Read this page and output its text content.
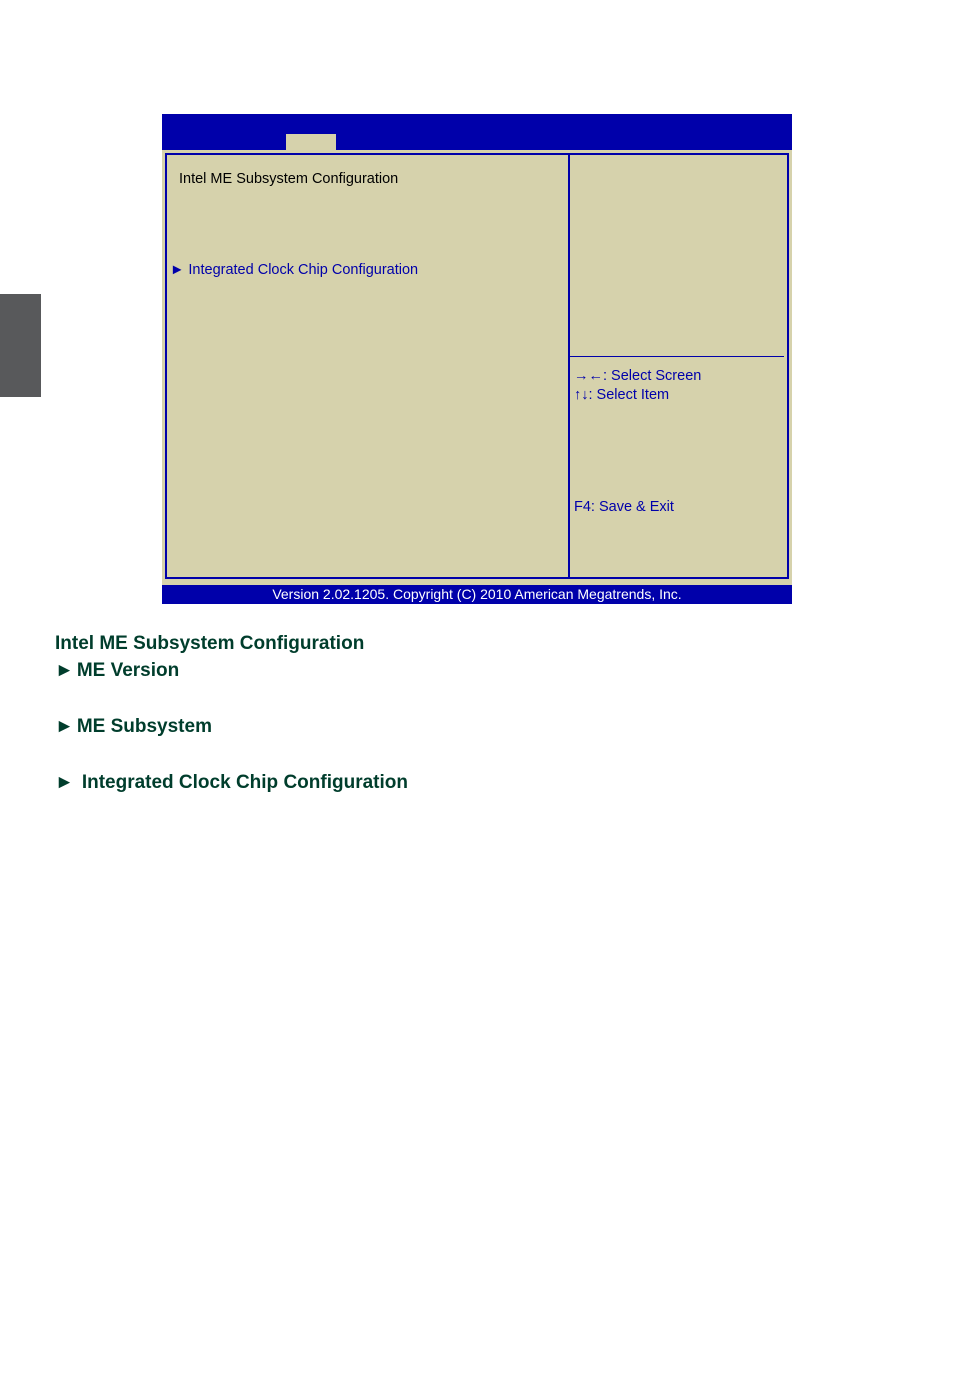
Intel ME Subsystem Configuration
► Integrated Clock Chip Configuration
→←: Select Screen
↑↓: Select Item
F4: Save & Exit
Version 2.02.1205. Copyright (C) 2010 American Megatrends, Inc.
Intel ME Subsystem Configuration
► ME Version
► ME Subsystem
► Integrated Clock Chip Configuration
